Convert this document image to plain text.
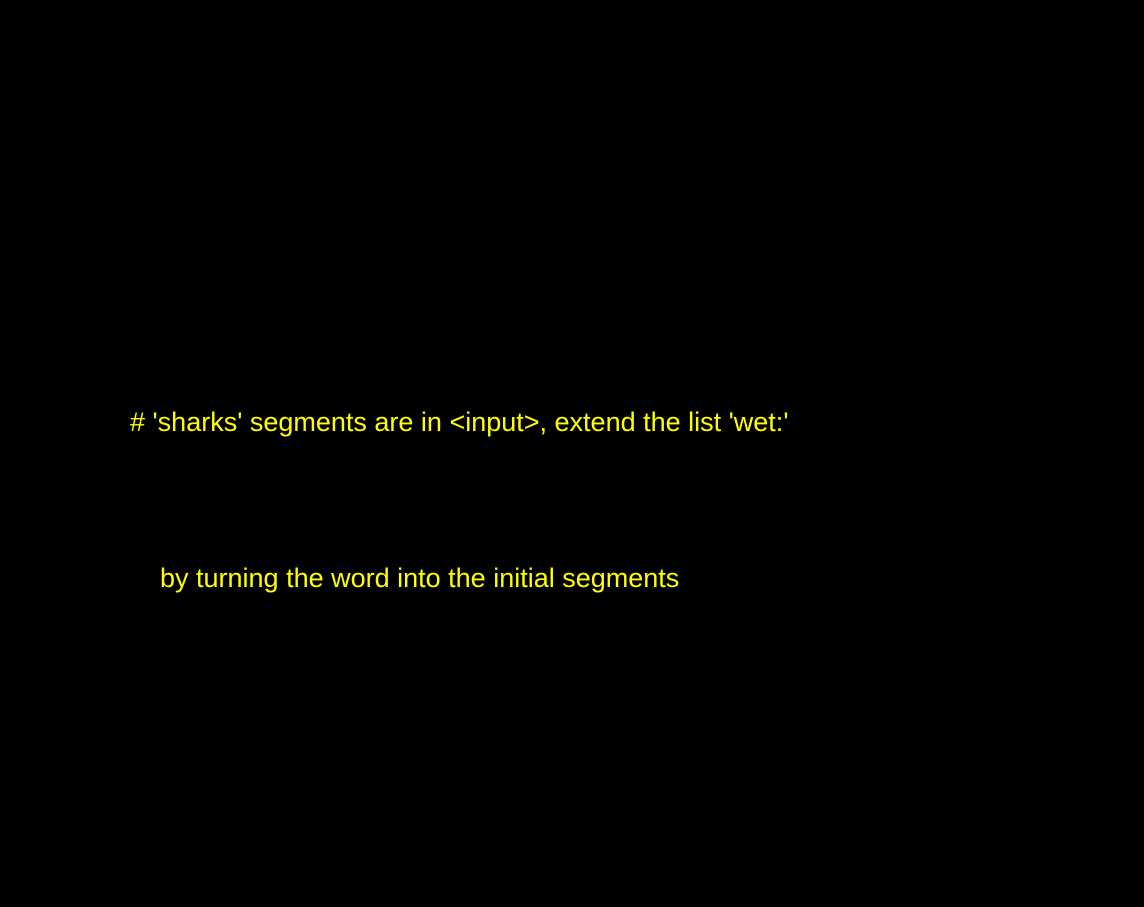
# 'sharks' segments are in <input>, extend the list 'wet:'

by turning the word into the initial segments
